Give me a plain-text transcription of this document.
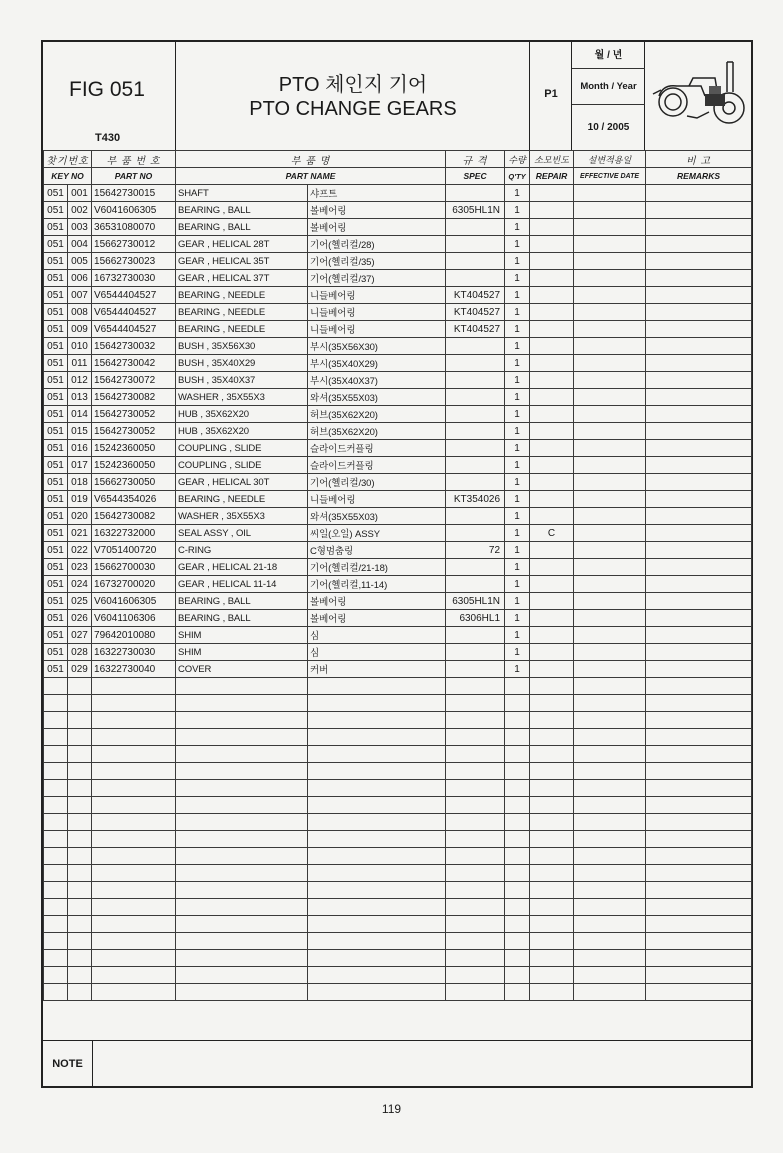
FIG 051
T430
PTO 체인지 기어
PTO CHANGE GEARS
P1
월 / 년
Month / Year
10 / 2005
찾기번호		부 품 번 호	부 품 명		규 격	수량	소모빈도	설변적용일	비 고
KEY NO		PART NO	PART NAME		SPEC	Q'TY	REPAIR	EFFECTIVE DATE	REMARKS
051	001	15642730015	SHAFT	샤프트		1			
051	002	V6041606305	BEARING , BALL	볼베어링	6305HL1N	1			
051	003	36531080070	BEARING , BALL	볼베어링		1			
051	004	15662730012	GEAR , HELICAL 28T	기어(헬리컬/28)		1			
051	005	15662730023	GEAR , HELICAL 35T	기어(헬리컬/35)		1			
051	006	16732730030	GEAR , HELICAL 37T	기어(헬리컬/37)		1			
051	007	V6544404527	BEARING , NEEDLE	니들베어링	KT404527	1			
051	008	V6544404527	BEARING , NEEDLE	니들베어링	KT404527	1			
051	009	V6544404527	BEARING , NEEDLE	니들베어링	KT404527	1			
051	010	15642730032	BUSH , 35X56X30	부시(35X56X30)		1			
051	011	15642730042	BUSH , 35X40X29	부시(35X40X29)		1			
051	012	15642730072	BUSH , 35X40X37	부시(35X40X37)		1			
051	013	15642730082	WASHER , 35X55X3	와셔(35X55X03)		1			
051	014	15642730052	HUB , 35X62X20	허브(35X62X20)		1			
051	015	15642730052	HUB , 35X62X20	허브(35X62X20)		1			
051	016	15242360050	COUPLING , SLIDE	슬라이드커플링		1			
051	017	15242360050	COUPLING , SLIDE	슬라이드커플링		1			
051	018	15662730050	GEAR , HELICAL 30T	기어(헬리컬/30)		1			
051	019	V6544354026	BEARING , NEEDLE	니들베어링	KT354026	1			
051	020	15642730082	WASHER , 35X55X3	와셔(35X55X03)		1			
051	021	16322732000	SEAL ASSY , OIL	씨일(오일) ASSY		1	C		
051	022	V7051400720	C-RING	C형멈춤링	72	1			
051	023	15662700030	GEAR , HELICAL 21-18	기어(헬리컬/21-18)		1			
051	024	16732700020	GEAR , HELICAL 11-14	기어(헬리컬,11-14)		1			
051	025	V6041606305	BEARING , BALL	볼베어링	6305HL1N	1			
051	026	V6041106306	BEARING , BALL	볼베어링	6306HL1	1			
051	027	79642010080	SHIM	심		1			
051	028	16322730030	SHIM	심		1			
051	029	16322730040	COVER	커버		1			

NOTE
119
